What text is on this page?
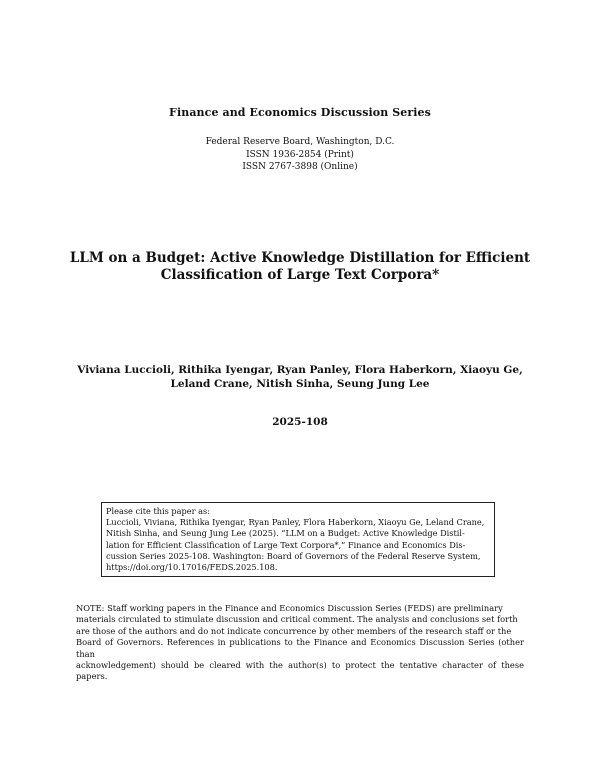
Finance and Economics Discussion Series
Federal Reserve Board, Washington, D.C.
ISSN 1936-2854 (Print)
ISSN 2767-3898 (Online)
LLM on a Budget: Active Knowledge Distillation for Efficient
Classification of Large Text Corpora*
Viviana Luccioli, Rithika Iyengar, Ryan Panley, Flora Haberkorn, Xiaoyu Ge,
Leland Crane, Nitish Sinha, Seung Jung Lee
2025-108
Please cite this paper as:
Luccioli, Viviana, Rithika Iyengar, Ryan Panley, Flora Haberkorn, Xiaoyu Ge, Leland Crane,
Nitish Sinha, and Seung Jung Lee (2025). “LLM on a Budget: Active Knowledge Distil-
lation for Efficient Classification of Large Text Corpora*,” Finance and Economics Dis-
cussion Series 2025-108. Washington: Board of Governors of the Federal Reserve System,
https://doi.org/10.17016/FEDS.2025.108.
NOTE: Staff working papers in the Finance and Economics Discussion Series (FEDS) are preliminary
materials circulated to stimulate discussion and critical comment. The analysis and conclusions set forth
are those of the authors and do not indicate concurrence by other members of the research staff or the
Board of Governors. References in publications to the Finance and Economics Discussion Series (other than
acknowledgement) should be cleared with the author(s) to protect the tentative character of these papers.
